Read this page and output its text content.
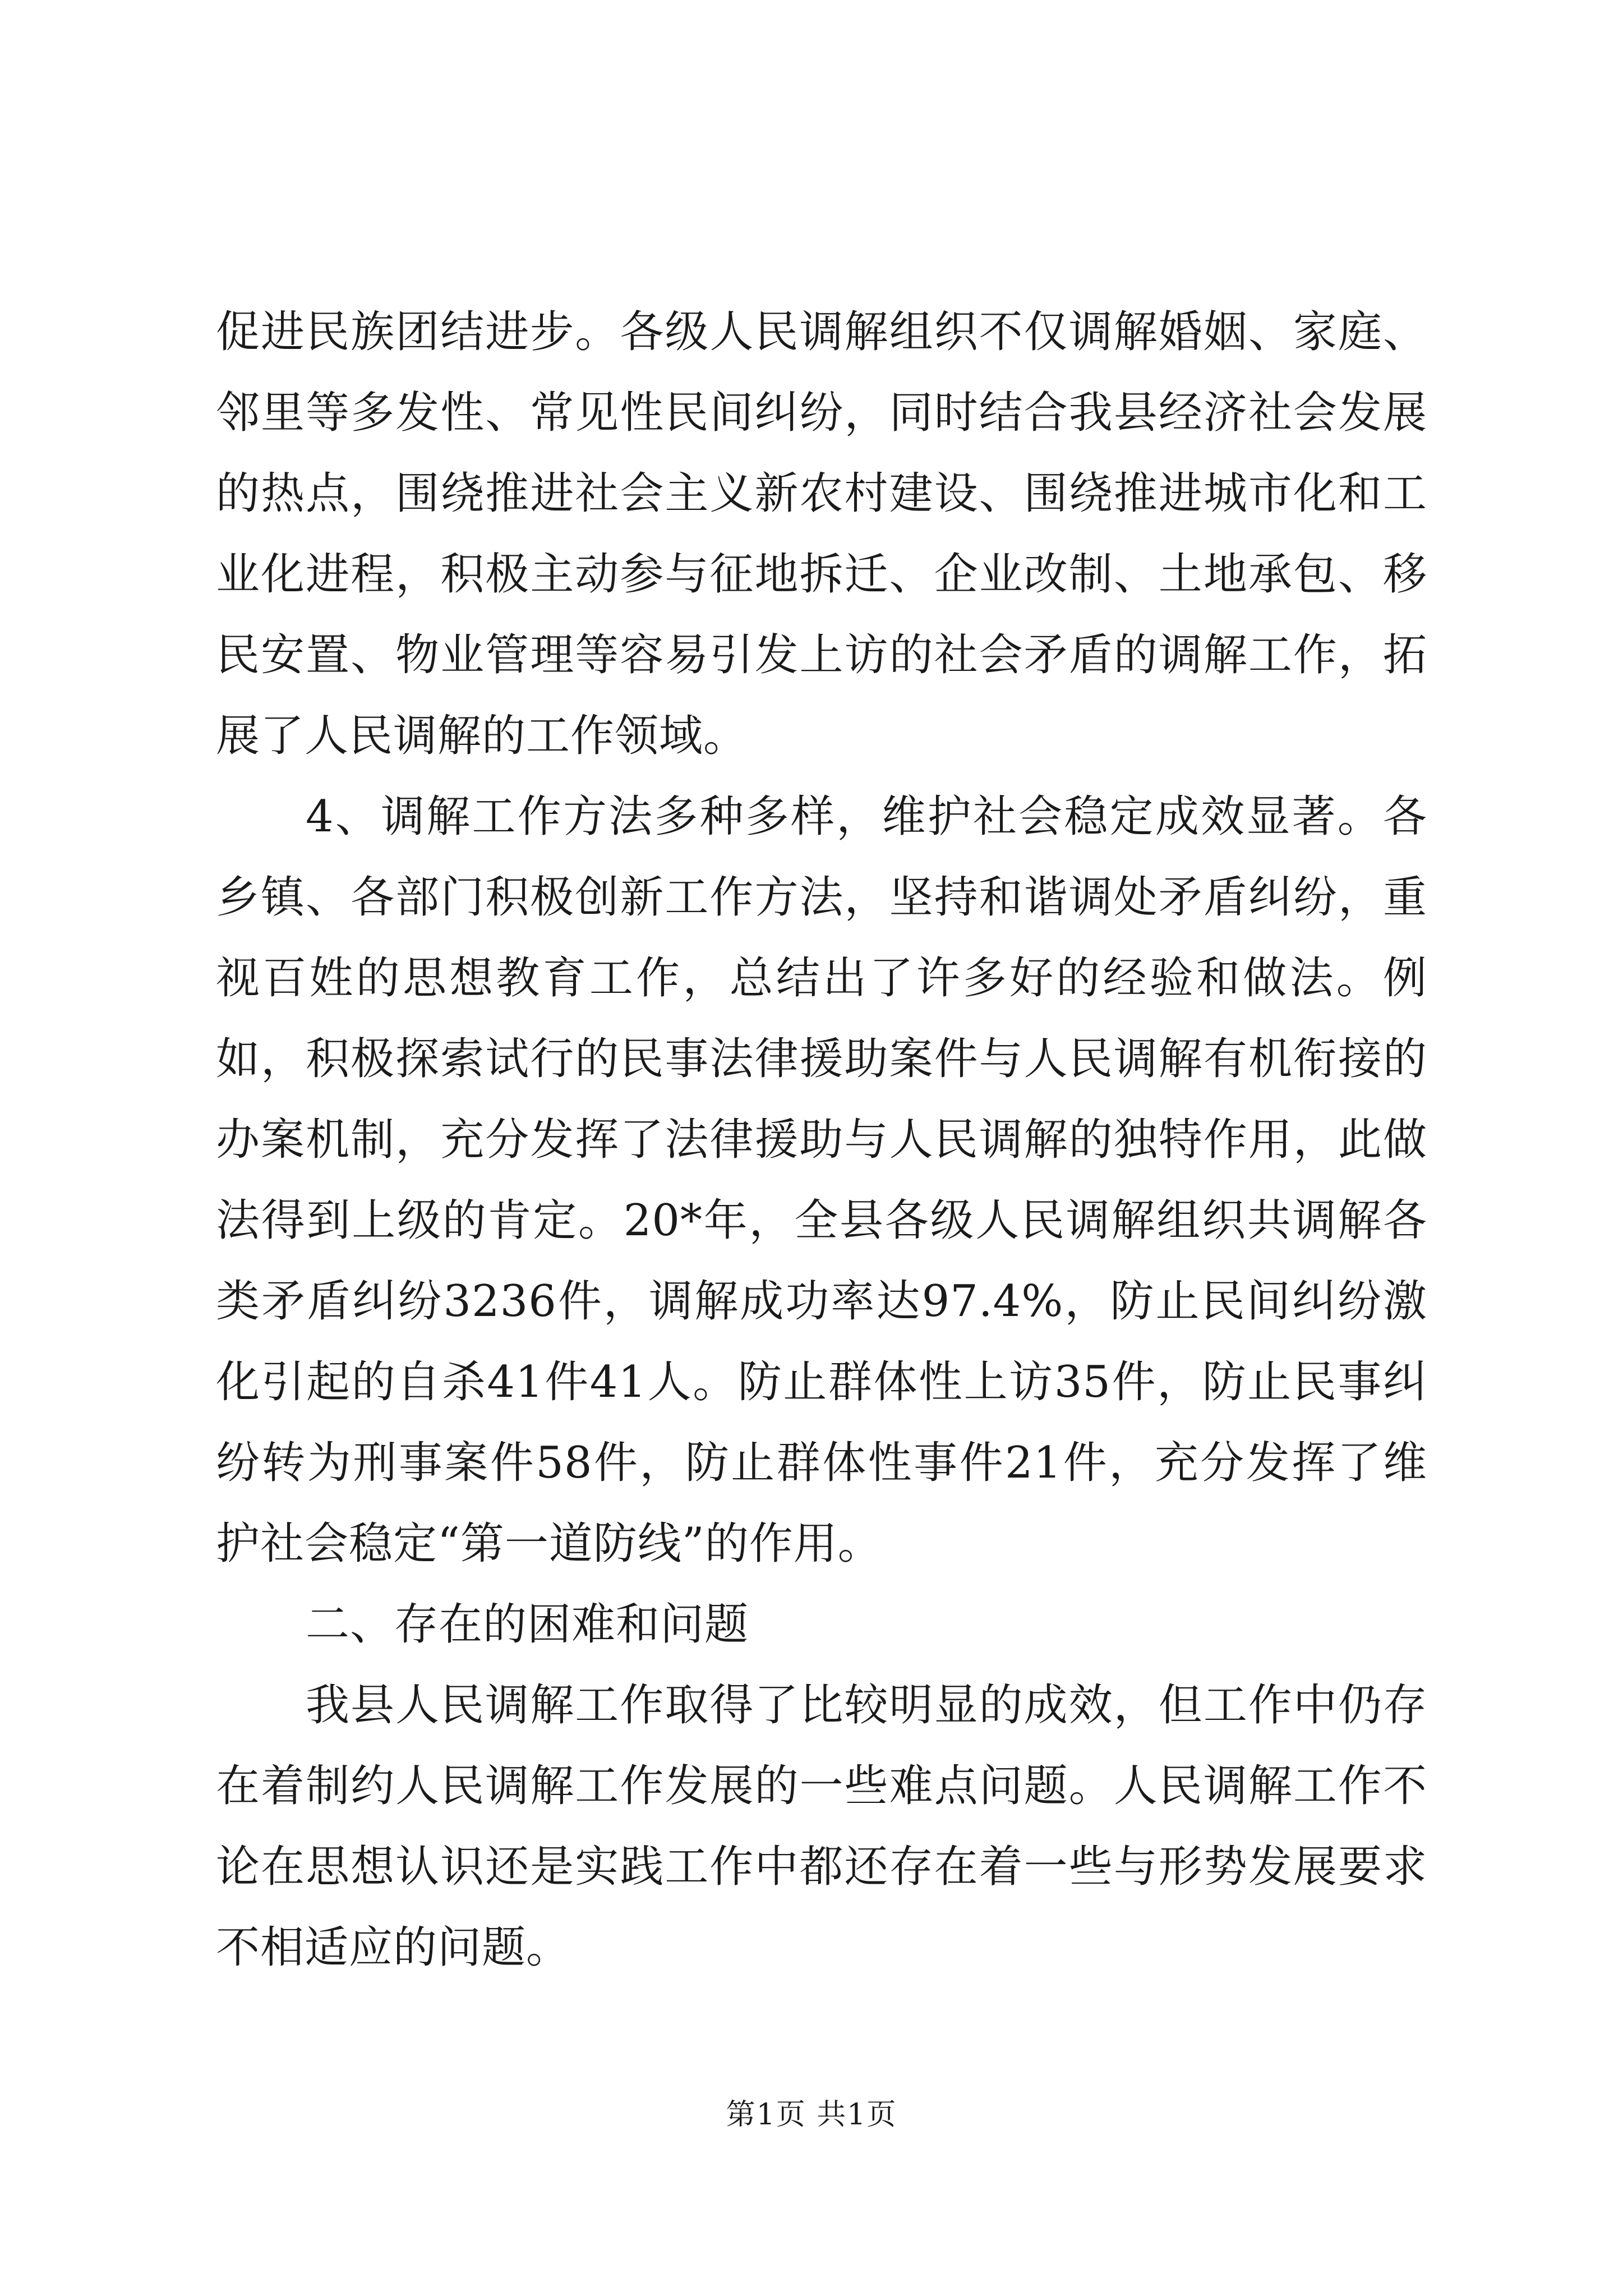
促进民族团结进步。各级人民调解组织不仅调解婚姻、家庭、邻里等多发性、常见性民间纠纷，同时结合我县经济社会发展的热点，围绕推进社会主义新农村建设、围绕推进城市化和工业化进程，积极主动参与征地拆迁、企业改制、土地承包、移民安置、物业管理等容易引发上访的社会矛盾的调解工作，拓展了人民调解的工作领域。

4、调解工作方法多种多样，维护社会稳定成效显著。各乡镇、各部门积极创新工作方法，坚持和谐调处矛盾纠纷，重视百姓的思想教育工作，总结出了许多好的经验和做法。例如，积极探索试行的民事法律援助案件与人民调解有机衔接的办案机制，充分发挥了法律援助与人民调解的独特作用，此做法得到上级的肯定。20*年，全县各级人民调解组织共调解各类矛盾纠纷3236件，调解成功率达97.4%，防止民间纠纷激化引起的自杀41件41人。防止群体性上访35件，防止民事纠纷转为刑事案件58件，防止群体性事件21件，充分发挥了维护社会稳定“第一道防线”的作用。

二、存在的困难和问题

我县人民调解工作取得了比较明显的成效，但工作中仍存在着制约人民调解工作发展的一些难点问题。人民调解工作不论在思想认识还是实践工作中都还存在着一些与形势发展要求不相适应的问题。

第1页 共1页
